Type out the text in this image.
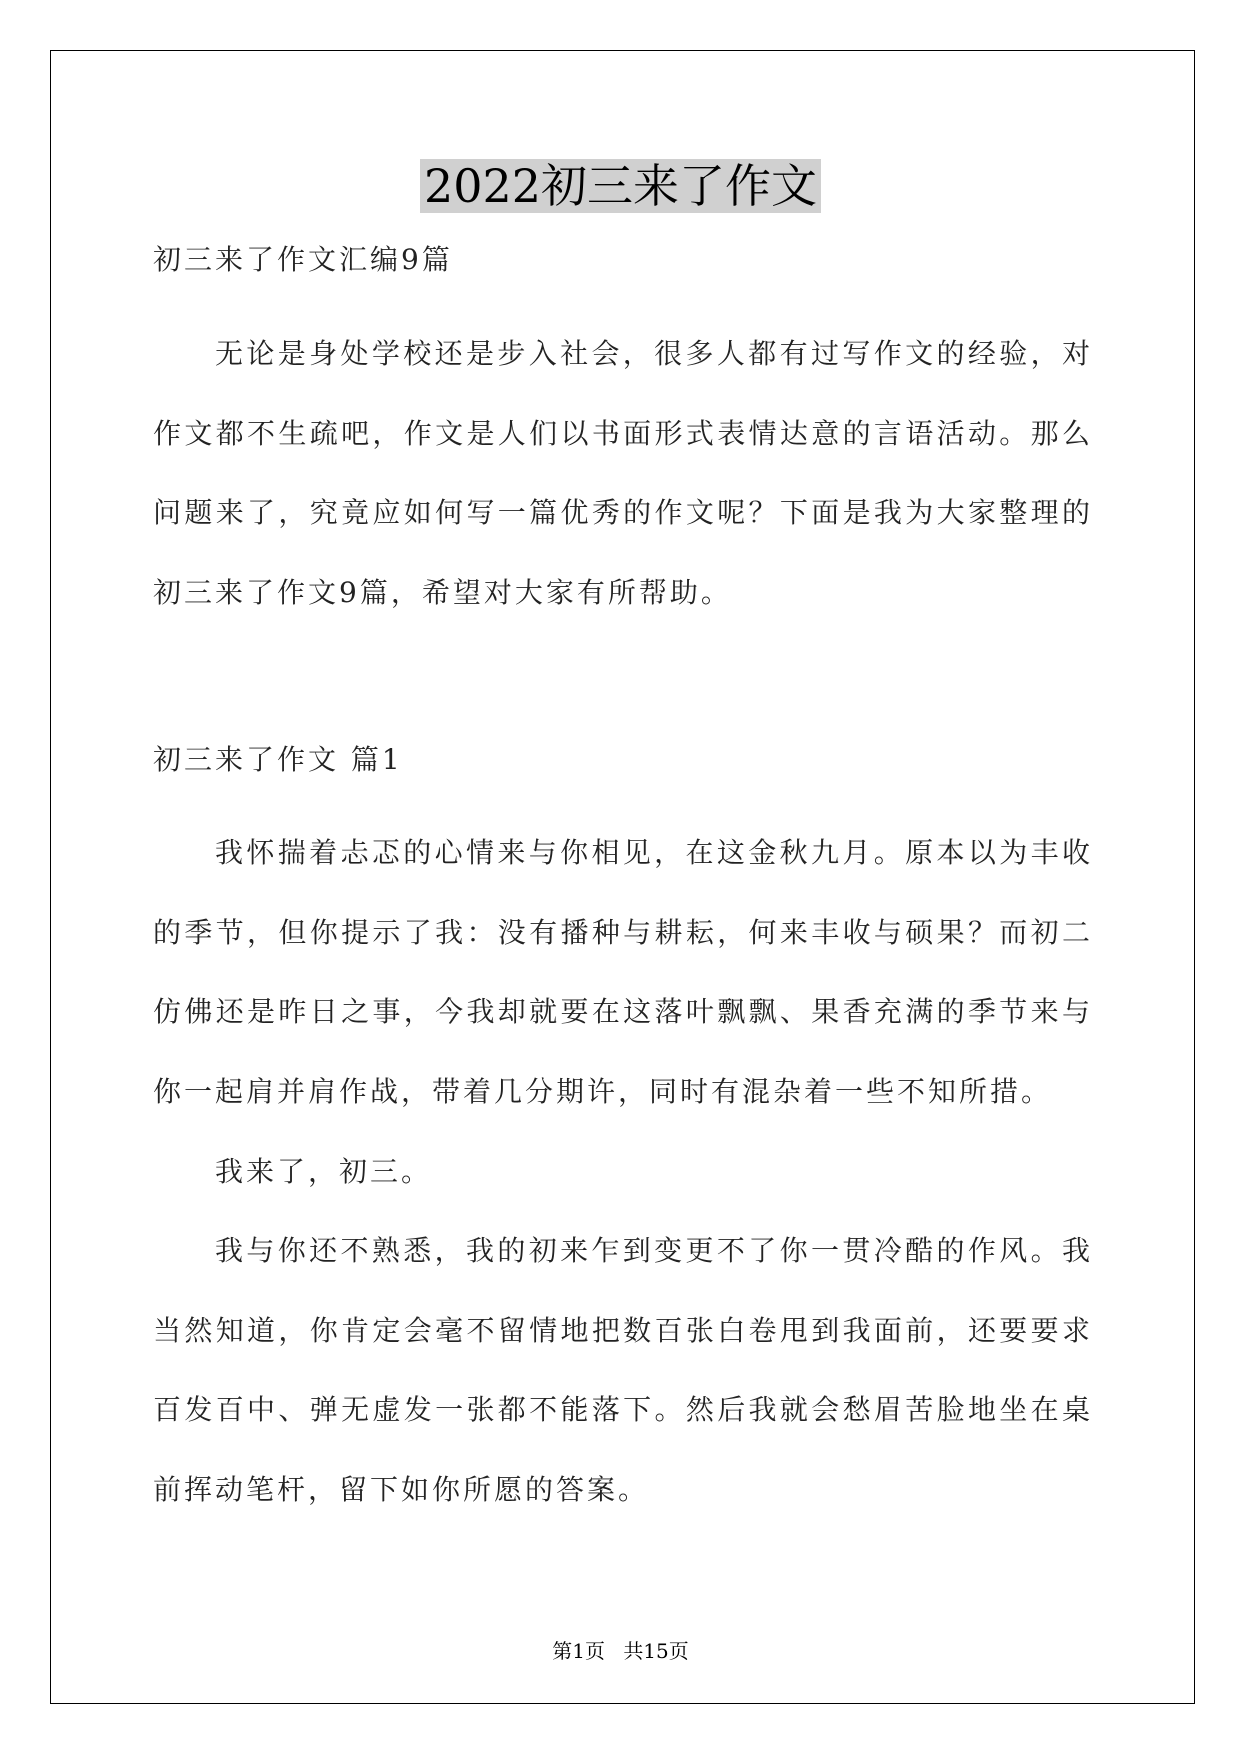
2022初三来了作文
初三来了作文汇编9篇
无论是身处学校还是步入社会，很多人都有过写作文的经验，对
作文都不生疏吧，作文是人们以书面形式表情达意的言语活动。那么
问题来了，究竟应如何写一篇优秀的作文呢？下面是我为大家整理的
初三来了作文9篇，希望对大家有所帮助。
初三来了作文 篇1
我怀揣着忐忑的心情来与你相见，在这金秋九月。原本以为丰收
的季节，但你提示了我：没有播种与耕耘，何来丰收与硕果？而初二
仿佛还是昨日之事，今我却就要在这落叶飘飘、果香充满的季节来与
你一起肩并肩作战，带着几分期许，同时有混杂着一些不知所措。
我来了，初三。
我与你还不熟悉，我的初来乍到变更不了你一贯冷酷的作风。我
当然知道，你肯定会毫不留情地把数百张白卷甩到我面前，还要要求
百发百中、弹无虚发一张都不能落下。然后我就会愁眉苦脸地坐在桌
前挥动笔杆，留下如你所愿的答案。
第1页 共15页
